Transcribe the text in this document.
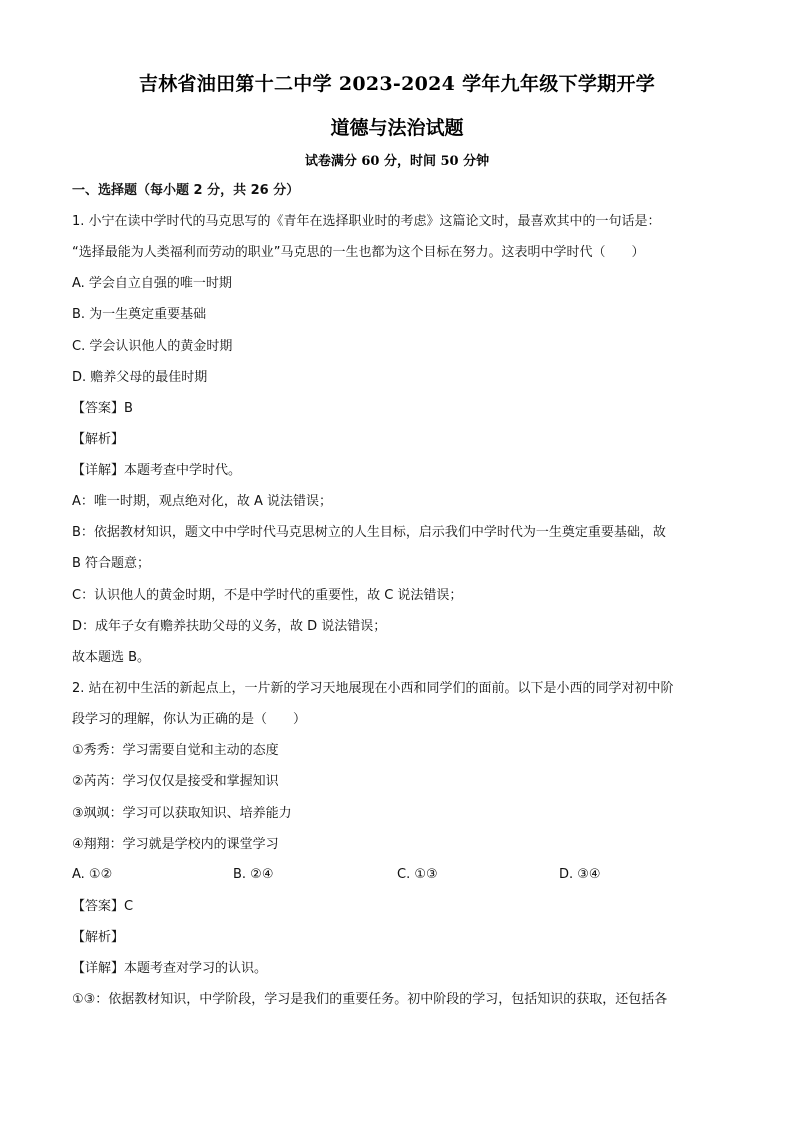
吉林省油田第十二中学 2023-2024 学年九年级下学期开学
道德与法治试题
试卷满分 60 分，时间 50 分钟
一、选择题（每小题 2 分，共 26 分）
1. 小宁在读中学时代的马克思写的《青年在选择职业时的考虑》这篇论文时，最喜欢其中的一句话是：
“选择最能为人类福利而劳动的职业”马克思的一生也都为这个目标在努力。这表明中学时代（　　）
A. 学会自立自强的唯一时期
B. 为一生奠定重要基础
C. 学会认识他人的黄金时期
D. 赡养父母的最佳时期
【答案】B
【解析】
【详解】本题考查中学时代。
A：唯一时期，观点绝对化，故 A 说法错误；
B：依据教材知识，题文中中学时代马克思树立的人生目标，启示我们中学时代为一生奠定重要基础，故
B 符合题意；
C：认识他人的黄金时期，不是中学时代的重要性，故 C 说法错误；
D：成年子女有赡养扶助父母的义务，故 D 说法错误；
故本题选 B。
2. 站在初中生活的新起点上，一片新的学习天地展现在小西和同学们的面前。以下是小西的同学对初中阶
段学习的理解，你认为正确的是（　　）
①秀秀：学习需要自觉和主动的态度
②芮芮：学习仅仅是接受和掌握知识
③飒飒：学习可以获取知识、培养能力
④翔翔：学习就是学校内的课堂学习
A. ①②	B. ②④	C. ①③	D. ③④
【答案】C
【解析】
【详解】本题考查对学习的认识。
①③：依据教材知识，中学阶段，学习是我们的重要任务。初中阶段的学习，包括知识的获取，还包括各
